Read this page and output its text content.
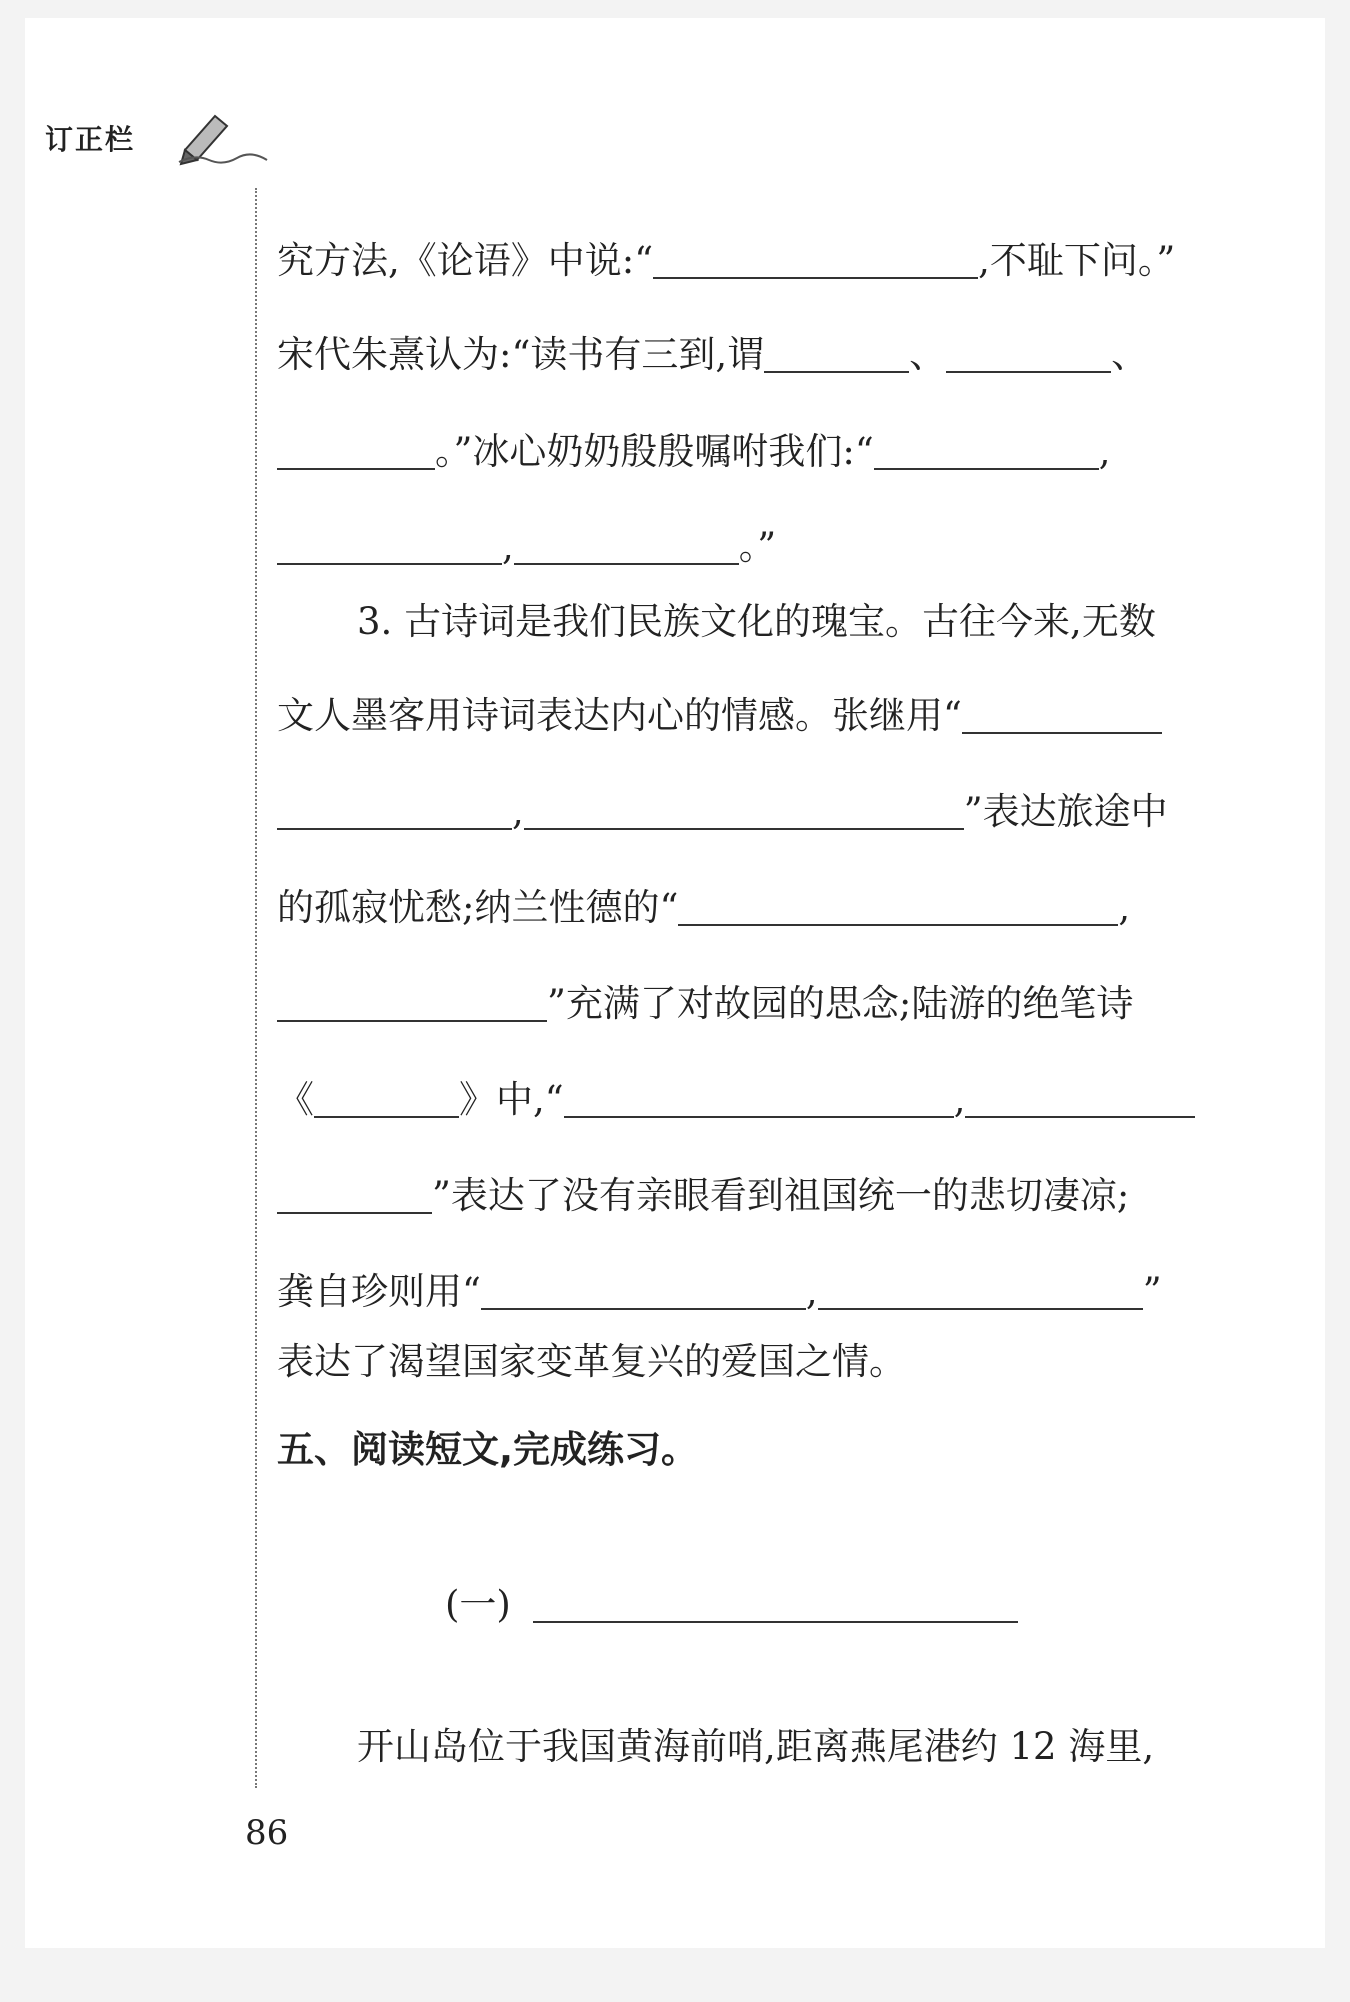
订正栏
究方法,《论语》中说:“	,不耻下问。”
宋代朱熹认为:“读书有三到,谓	、	、
。”冰心奶奶殷殷嘱咐我们:“	,
,	。”
3. 古诗词是我们民族文化的瑰宝。古往今来,无数
文人墨客用诗词表达内心的情感。张继用“
,	”表达旅途中
的孤寂忧愁;纳兰性德的“	,
”充满了对故园的思念;陆游的绝笔诗
《	》中,“	,
”表达了没有亲眼看到祖国统一的悲切凄凉;
龚自珍则用“	,	”
表达了渴望国家变革复兴的爱国之情。
五、阅读短文,完成练习。
(一)
开山岛位于我国黄海前哨,距离燕尾港约 12 海里,
86
